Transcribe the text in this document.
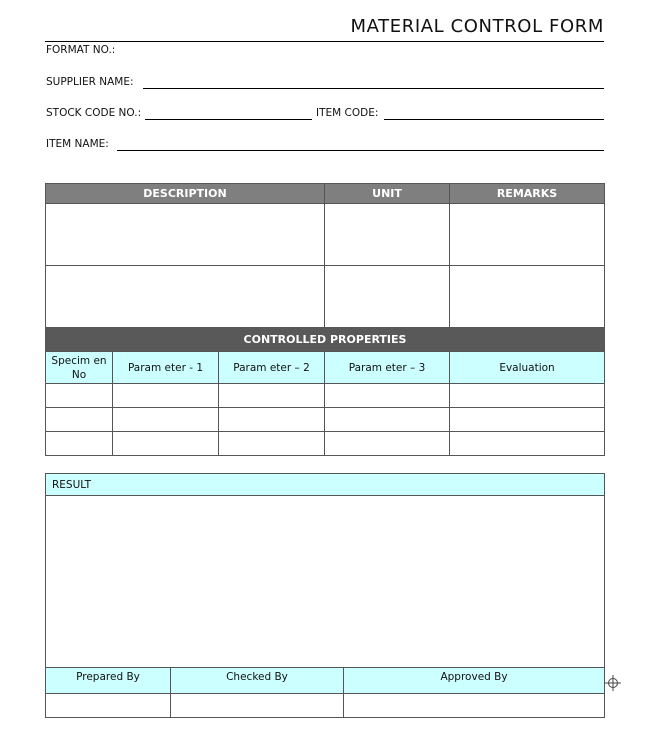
MATERIAL CONTROL FORM
FORMAT NO.:
SUPPLIER NAME:
STOCK CODE NO.:	ITEM CODE:
ITEM NAME:
DESCRIPTION			UNIT	REMARKS

CONTROLLED PROPERTIES				
Specim en No	Param eter - 1	Param eter – 2	Param eter – 3	Evaluation

RESULT		

Prepared By	Checked By	Approved By
